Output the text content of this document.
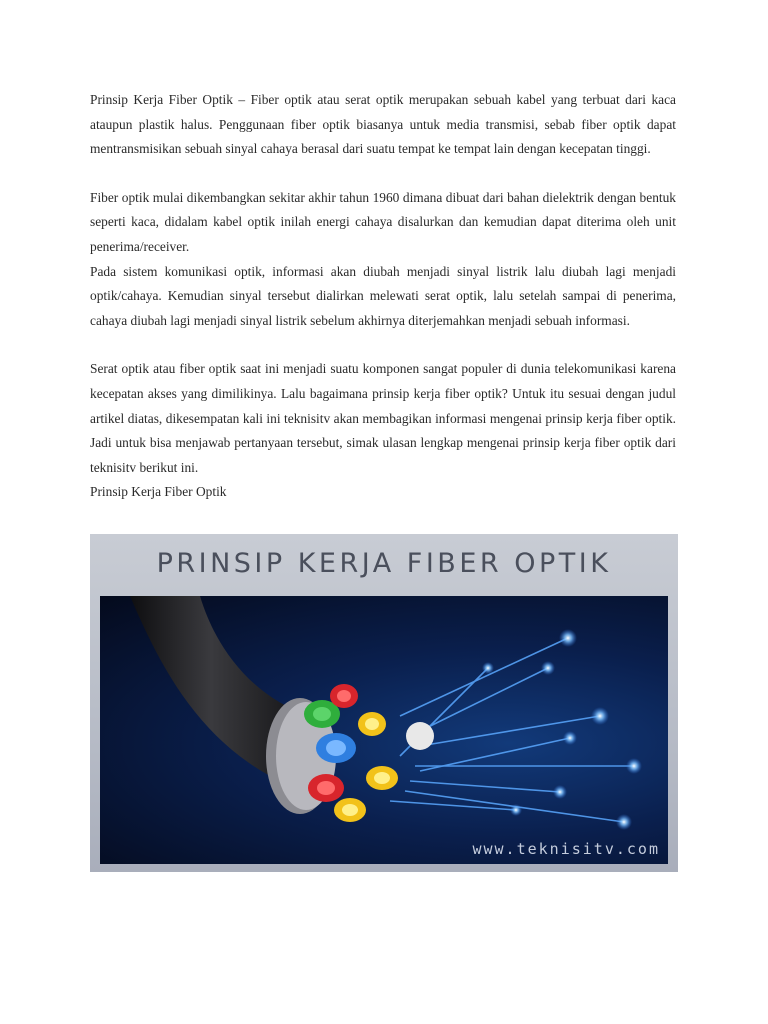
Prinsip Kerja Fiber Optik – Fiber optik atau serat optik merupakan sebuah kabel yang terbuat dari kaca ataupun plastik halus. Penggunaan fiber optik biasanya untuk media transmisi, sebab fiber optik dapat mentransmisikan sebuah sinyal cahaya berasal dari suatu tempat ke tempat lain dengan kecepatan tinggi.

Fiber optik mulai dikembangkan sekitar akhir tahun 1960 dimana dibuat dari bahan dielektrik dengan bentuk seperti kaca, didalam kabel optik inilah energi cahaya disalurkan dan kemudian dapat diterima oleh unit penerima/receiver.

Pada sistem komunikasi optik, informasi akan diubah menjadi sinyal listrik lalu diubah lagi menjadi optik/cahaya. Kemudian sinyal tersebut dialirkan melewati serat optik, lalu setelah sampai di penerima, cahaya diubah lagi menjadi sinyal listrik sebelum akhirnya diterjemahkan menjadi sebuah informasi.

Serat optik atau fiber optik saat ini menjadi suatu komponen sangat populer di dunia telekomunikasi karena kecepatan akses yang dimilikinya. Lalu bagaimana prinsip kerja fiber optik? Untuk itu sesuai dengan judul artikel diatas, dikesempatan kali ini teknisitv akan membagikan informasi mengenai prinsip kerja fiber optik. Jadi untuk bisa menjawab pertanyaan tersebut, simak ulasan lengkap mengenai prinsip kerja fiber optik dari teknisitv berikut ini.

Prinsip Kerja Fiber Optik

PRINSIP KERJA FIBER OPTIK
www.teknisitv.com
